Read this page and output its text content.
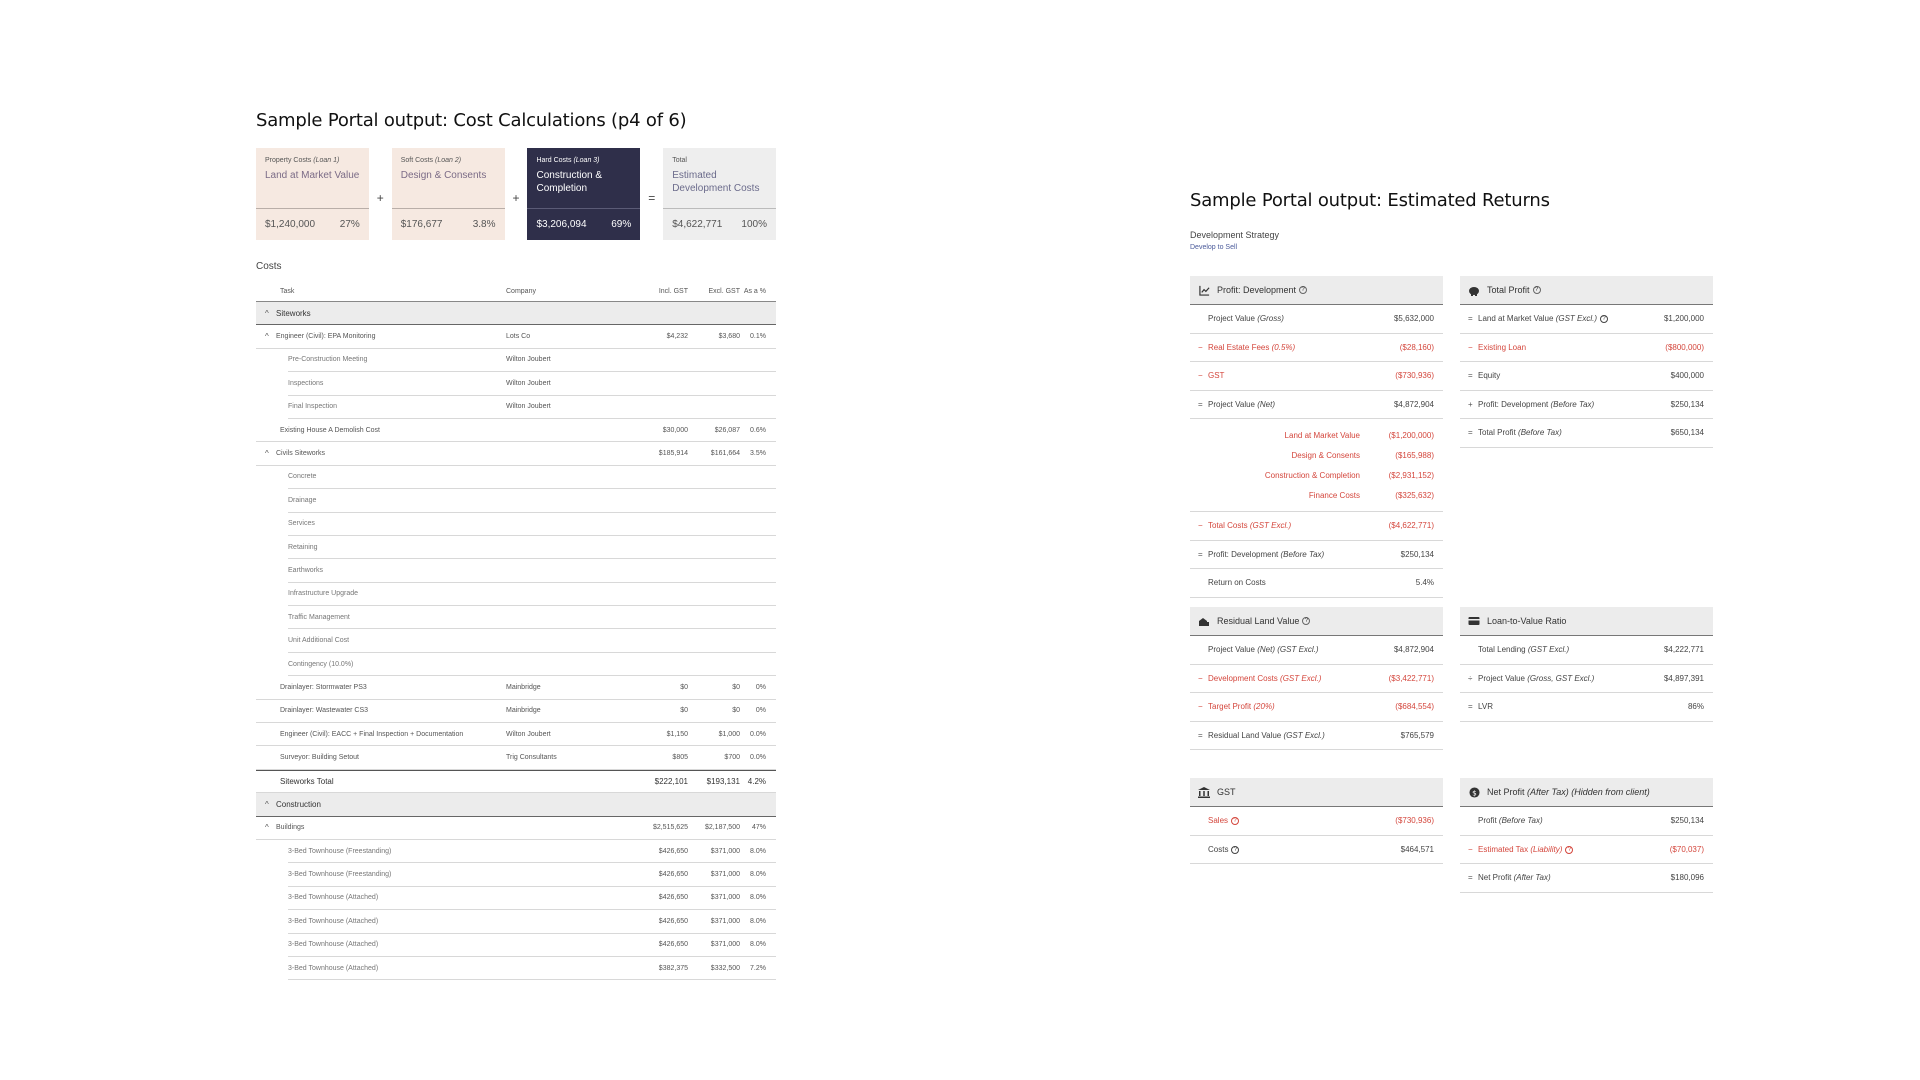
Sample Portal output: Cost Calculations (p4 of 6)
Property Costs (Loan 1)
Land at Market Value
$1,240,000 27%
+
Soft Costs (Loan 2)
Design & Consents
$176,677	3.8%
+
Hard Costs (Loan 3)
Construction & Completion
$3,206,094 69%
=
Total
Estimated Development Costs
$4,622,771 100%
Costs
Task	Company	Incl. GST	Excl. GST As a %
^ Siteworks
^	Engineer (Civil): EPA Monitoring	Lots Co	$4,232	$3,680	0.1%
Pre-Construction Meeting	Wilton Joubert
Inspections	Wilton Joubert
Final Inspection	Wilton Joubert
Existing House A Demolish Cost	$30,000	$26,087	0.6%
^	Civils Siteworks	$185,914	$161,664	3.5%
Concrete
Drainage
Services
Retaining
Earthworks
Infrastructure Upgrade
Traffic Management
Unit Additional Cost
Contingency (10.0%)
Drainlayer: Stormwater PS3	Mainbridge	$0	$0	0%
Drainlayer: Wastewater CS3	Mainbridge	$0	$0	0%
Engineer (Civil): EACC + Final Inspection + Documentation	Wilton Joubert	$1,150	$1,000	0.0%
Surveyor: Building Setout	Trig Consultants	$805	$700	0.0%
Siteworks Total	$222,101	$193,131 4.2%
^ Construction
^	Buildings	$2,515,625	$2,187,500	47%
3-Bed Townhouse (Freestanding)	$426,650	$371,000	8.0%
3-Bed Townhouse (Freestanding)	$426,650	$371,000	8.0%
3-Bed Townhouse (Attached)	$426,650	$371,000	8.0%
3-Bed Townhouse (Attached)	$426,650	$371,000	8.0%
3-Bed Townhouse (Attached)	$426,650	$371,000	8.0%
3-Bed Townhouse (Attached)	$382,375	$332,500	7.2%
Sample Portal output: Estimated Returns
Development Strategy
Develop to Sell
Profit: Development ?
Project Value (Gross)	$5,632,000
− Real Estate Fees (0.5%)	($28,160)
− GST	($730,936)
= Project Value (Net)	$4,872,904
Land at Market Value	($1,200,000)
Design & Consents	($165,988)
Construction & Completion	($2,931,152)
Finance Costs	($325,632)
− Total Costs (GST Excl.)	($4,622,771)
= Profit: Development (Before Tax)	$250,134
Return on Costs	5.4%
Total Profit ?
= Land at Market Value (GST Excl.) ?	$1,200,000
− Existing Loan	($800,000)
= Equity	$400,000
+ Profit: Development (Before Tax)	$250,134
= Total Profit (Before Tax)	$650,134
Residual Land Value ?
Project Value (Net) (GST Excl.)	$4,872,904
− Development Costs (GST Excl.)	($3,422,771)
− Target Profit (20%)	($684,554)
= Residual Land Value (GST Excl.)	$765,579
Loan-to-Value Ratio
Total Lending (GST Excl.)	$4,222,771
÷ Project Value (Gross, GST Excl.)	$4,897,391
= LVR	86%
GST
Sales ?	($730,936)
Costs ?	$464,571
$ Net Profit
(After Tax) (Hidden from client)
Profit (Before Tax)	$250,134
− Estimated Tax (Liability) ?	($70,037)
= Net Profit (After Tax)	$180,096
